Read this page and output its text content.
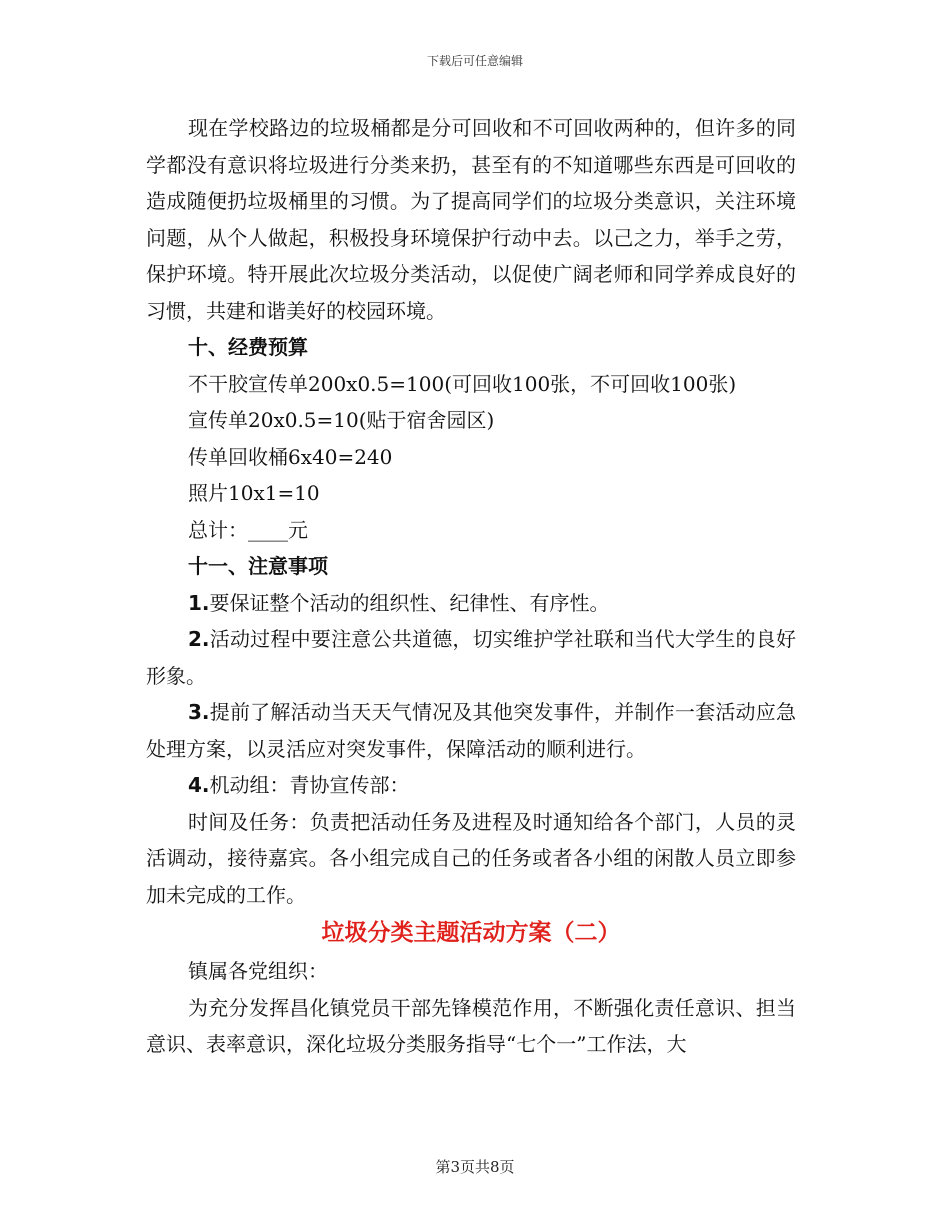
下载后可任意编辑

现在学校路边的垃圾桶都是分可回收和不可回收两种的，但许多的同学都没有意识将垃圾进行分类来扔，甚至有的不知道哪些东西是可回收的造成随便扔垃圾桶里的习惯。为了提高同学们的垃圾分类意识，关注环境问题，从个人做起，积极投身环境保护行动中去。以己之力，举手之劳，保护环境。特开展此次垃圾分类活动，以促使广阔老师和同学养成良好的习惯，共建和谐美好的校园环境。

十、经费预算

不干胶宣传单200x0.5=100(可回收100张，不可回收100张)

宣传单20x0.5=10(贴于宿舍园区)

传单回收桶6x40=240

照片10x1=10

总计：____元

十一、注意事项

1.要保证整个活动的组织性、纪律性、有序性。

2.活动过程中要注意公共道德，切实维护学社联和当代大学生的良好形象。

3.提前了解活动当天天气情况及其他突发事件，并制作一套活动应急处理方案，以灵活应对突发事件，保障活动的顺利进行。

4.机动组：青协宣传部：

时间及任务：负责把活动任务及进程及时通知给各个部门，人员的灵活调动，接待嘉宾。各小组完成自己的任务或者各小组的闲散人员立即参加未完成的工作。

垃圾分类主题活动方案（二）

镇属各党组织：

为充分发挥昌化镇党员干部先锋模范作用，不断强化责任意识、担当意识、表率意识，深化垃圾分类服务指导“七个一”工作法，大

第3页共8页
